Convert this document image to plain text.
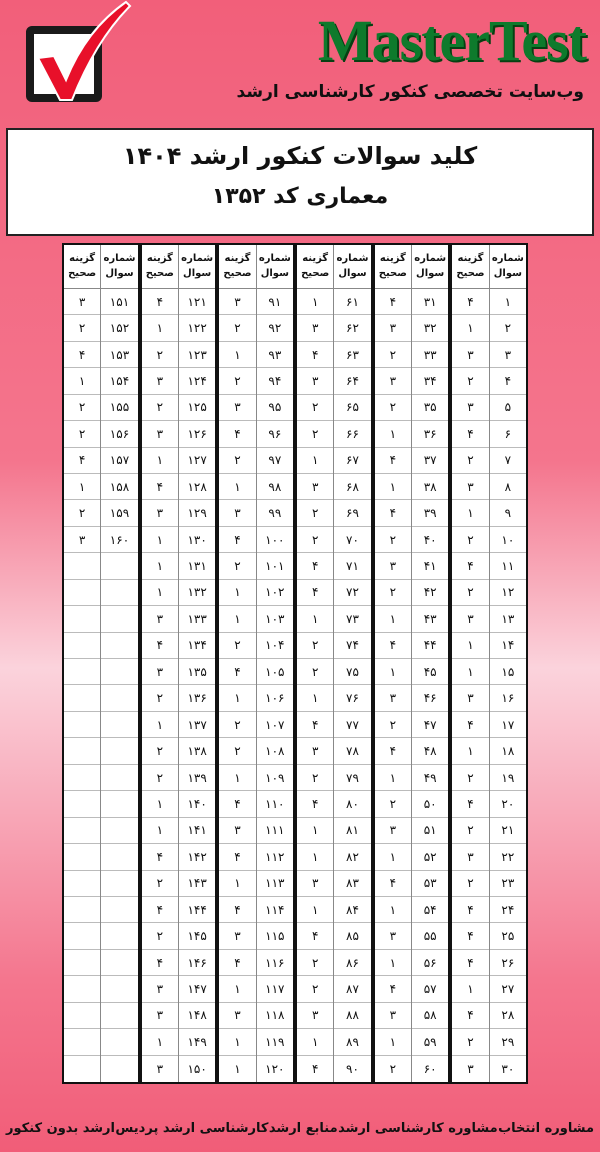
MasterTest
وب‌سایت تخصصی کنکور کارشناسی ارشد
کلید سوالات کنکور ارشد ۱۴۰۴
معماری کد ۱۳۵۲
شماره سوال
۱
۲
۳
۴
۵
۶
۷
۸
۹
۱۰
۱۱
۱۲
۱۳
۱۴
۱۵
۱۶
۱۷
۱۸
۱۹
۲۰
۲۱
۲۲
۲۳
۲۴
۲۵
۲۶
۲۷
۲۸
۲۹
۳۰
گزینه صحیح
۴
۱
۳
۲
۳
۴
۲
۳
۱
۲
۴
۲
۳
۱
۱
۳
۴
۱
۲
۴
۲
۳
۲
۴
۴
۴
۱
۴
۲
۳
شماره سوال
۳۱
۳۲
۳۳
۳۴
۳۵
۳۶
۳۷
۳۸
۳۹
۴۰
۴۱
۴۲
۴۳
۴۴
۴۵
۴۶
۴۷
۴۸
۴۹
۵۰
۵۱
۵۲
۵۳
۵۴
۵۵
۵۶
۵۷
۵۸
۵۹
۶۰
گزینه صحیح
۴
۳
۲
۳
۲
۱
۴
۱
۴
۲
۳
۲
۱
۴
۱
۳
۲
۴
۱
۲
۳
۱
۴
۱
۳
۱
۴
۳
۱
۲
شماره سوال
۶۱
۶۲
۶۳
۶۴
۶۵
۶۶
۶۷
۶۸
۶۹
۷۰
۷۱
۷۲
۷۳
۷۴
۷۵
۷۶
۷۷
۷۸
۷۹
۸۰
۸۱
۸۲
۸۳
۸۴
۸۵
۸۶
۸۷
۸۸
۸۹
۹۰
گزینه صحیح
۱
۳
۴
۳
۲
۲
۱
۳
۲
۲
۴
۴
۱
۲
۲
۱
۴
۳
۲
۴
۱
۱
۳
۱
۴
۲
۲
۳
۱
۴
شماره سوال
۹۱
۹۲
۹۳
۹۴
۹۵
۹۶
۹۷
۹۸
۹۹
۱۰۰
۱۰۱
۱۰۲
۱۰۳
۱۰۴
۱۰۵
۱۰۶
۱۰۷
۱۰۸
۱۰۹
۱۱۰
۱۱۱
۱۱۲
۱۱۳
۱۱۴
۱۱۵
۱۱۶
۱۱۷
۱۱۸
۱۱۹
۱۲۰
گزینه صحیح
۳
۲
۱
۲
۳
۴
۲
۱
۳
۴
۲
۱
۱
۲
۴
۱
۲
۲
۱
۴
۳
۴
۱
۴
۳
۴
۱
۳
۱
۱
شماره سوال
۱۲۱
۱۲۲
۱۲۳
۱۲۴
۱۲۵
۱۲۶
۱۲۷
۱۲۸
۱۲۹
۱۳۰
۱۳۱
۱۳۲
۱۳۳
۱۳۴
۱۳۵
۱۳۶
۱۳۷
۱۳۸
۱۳۹
۱۴۰
۱۴۱
۱۴۲
۱۴۳
۱۴۴
۱۴۵
۱۴۶
۱۴۷
۱۴۸
۱۴۹
۱۵۰
گزینه صحیح
۴
۱
۲
۳
۲
۳
۱
۴
۳
۱
۱
۱
۳
۴
۳
۲
۱
۲
۲
۱
۱
۴
۲
۴
۲
۴
۳
۳
۱
۳
شماره سوال
۱۵۱
۱۵۲
۱۵۳
۱۵۴
۱۵۵
۱۵۶
۱۵۷
۱۵۸
۱۵۹
۱۶۰
گزینه صحیح
۳
۲
۴
۱
۲
۲
۴
۱
۲
۳
ارشد بدون کنکور کارشناسی ارشد پردیس منابع ارشد مشاوره کارشناسی ارشد مشاوره انتخاب
